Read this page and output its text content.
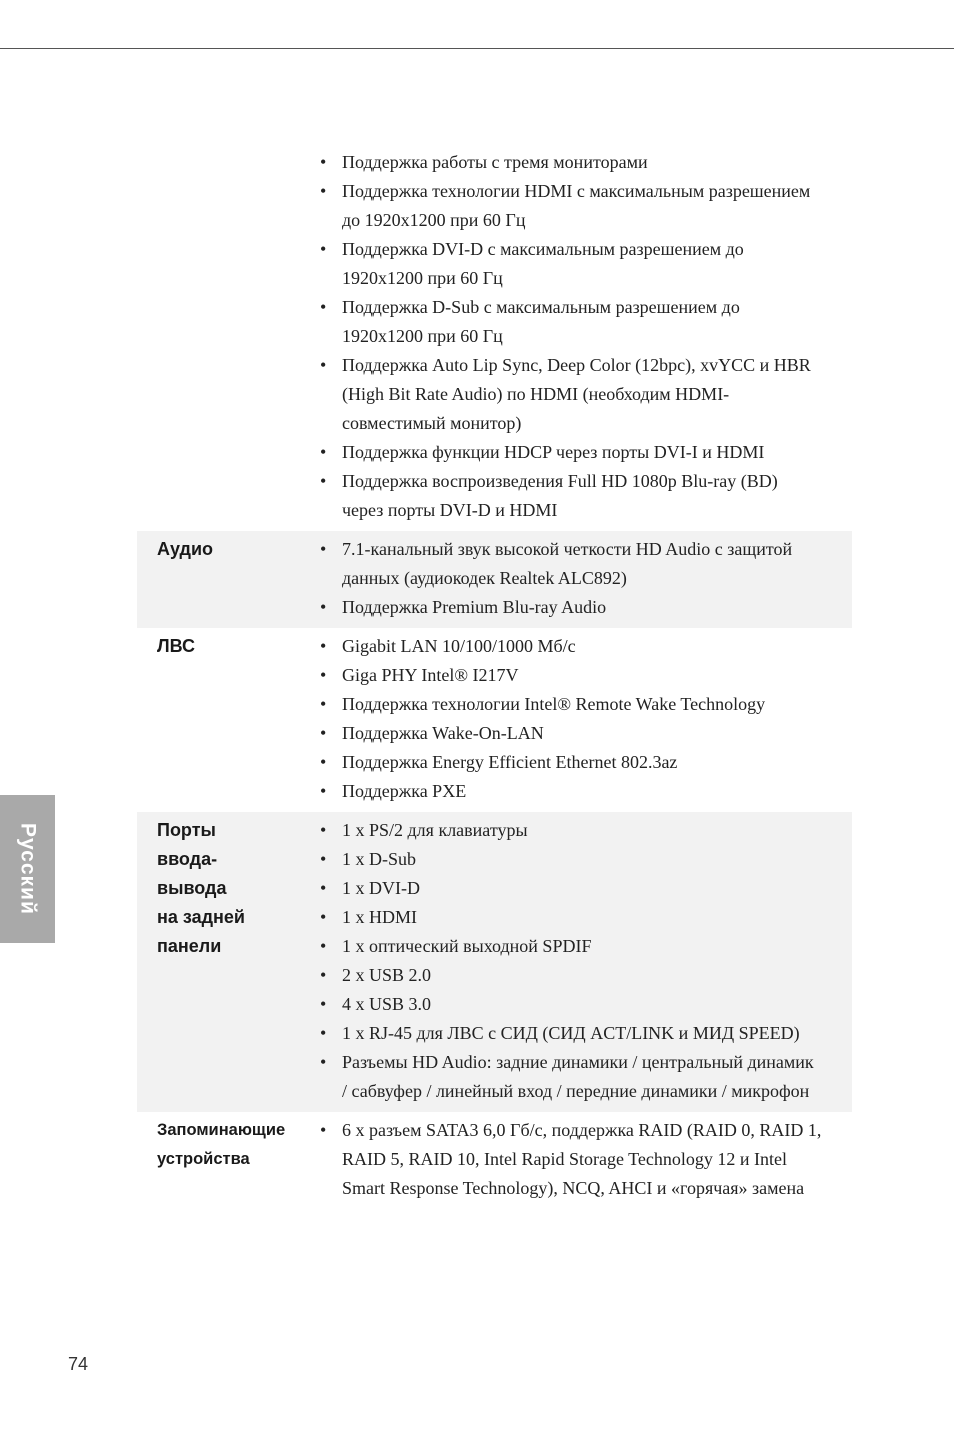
Русский
• Поддержка работы с тремя мониторами
• Поддержка технологии HDMI с максимальным разрешением до 1920x1200 при 60 Гц
• Поддержка DVI-D с максимальным разрешением до 1920x1200 при 60 Гц
• Поддержка D-Sub с максимальным разрешением до 1920x1200 при 60 Гц
• Поддержка Auto Lip Sync, Deep Color (12bpc), xvYCC и HBR (High Bit Rate Audio) по HDMI (необходим HDMI-совместимый монитор)
• Поддержка функции HDCP через порты DVI-I и HDMI
• Поддержка воспроизведения Full HD 1080p Blu-ray (BD) через порты DVI-D и HDMI
Аудио	• 7.1-канальный звук высокой четкости HD Audio с защитой данных (аудиокодек Realtek ALC892)
• Поддержка Premium Blu-ray Audio
ЛВС	• Gigabit LAN 10/100/1000 Мб/с
• Giga PHY Intel® I217V
• Поддержка технологии Intel® Remote Wake Technology
• Поддержка Wake-On-LAN
• Поддержка Energy Efficient Ethernet 802.3az
• Поддержка PXE
Порты
ввода-
вывода
на задней
панели
• 1 x PS/2 для клавиатуры
• 1 x D-Sub
• 1 x DVI-D
• 1 x HDMI
• 1 x оптический выходной SPDIF
• 2 x USB 2.0
• 4 x USB 3.0
• 1 x RJ-45 для ЛВС с СИД (СИД ACT/LINK и МИД SPEED)
• Разъемы HD Audio: задние динамики / центральный динамик / сабвуфер / линейный вход / передние динамики / микрофон
Запоминающие
устройства
• 6 x разъем SATA3 6,0 Гб/с, поддержка RAID (RAID 0, RAID 1, RAID 5, RAID 10, Intel Rapid Storage Technology 12 и Intel Smart Response Technology), NCQ, AHCI и «горячая» замена
74
